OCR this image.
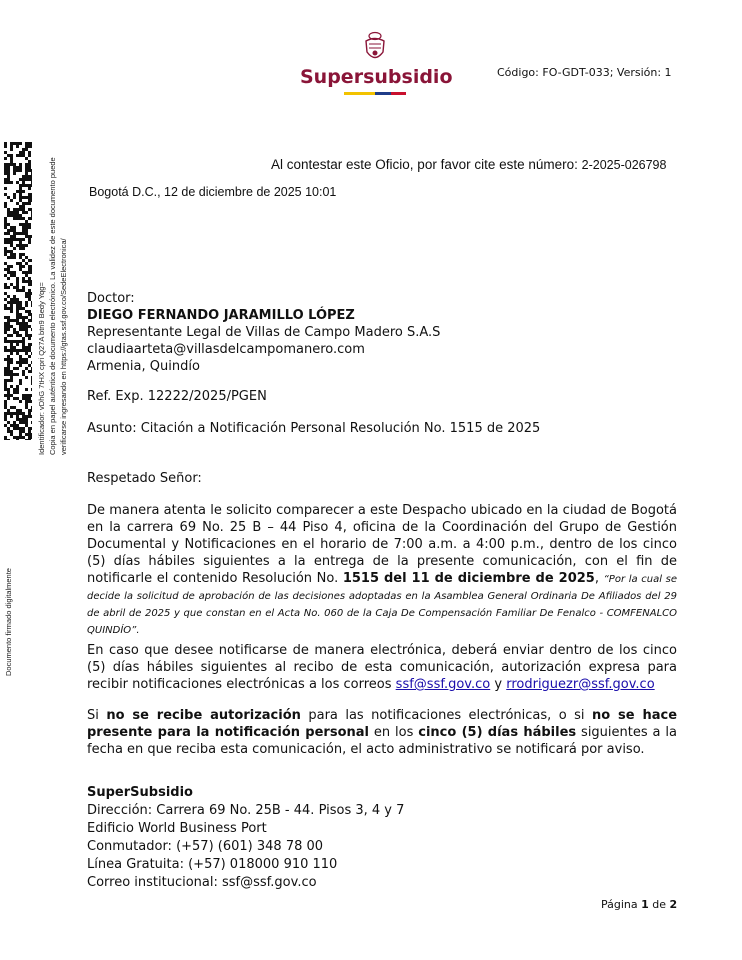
Supersubsidio	Código: FO-GDT-033; Versión: 1
Al contestar este Oficio, por favor cite este número: 2-2025-026798
Bogotá D.C., 12 de diciembre de 2025 10:01
Identificador: vDhG 7tHX cpri Q27A btn9 Bedy Yqg= Copia en papel auténtica de documento electrónico. La validez de este documento puede verificarse ingresando en https://gtas.ssf.gov.co/SedeElectronica/
Documento firmado digitalmente

Doctor:
DIEGO FERNANDO JARAMILLO LÓPEZ
Representante Legal de Villas de Campo Madero S.A.S
claudiaarteta@villasdelcampomanero.com
Armenia, Quindío

Ref. Exp. 12222/2025/PGEN

Asunto: Citación a Notificación Personal Resolución No. 1515 de 2025

Respetado Señor:

De manera atenta le solicito comparecer a este Despacho ubicado en la ciudad de Bogotá en la carrera 69 No. 25 B – 44 Piso 4, oficina de la Coordinación del Grupo de Gestión Documental y Notificaciones en el horario de 7:00 a.m. a 4:00 p.m., dentro de los cinco (5) días hábiles siguientes a la entrega de la presente comunicación, con el fin de notificarle el contenido Resolución No. 1515 del 11 de diciembre de 2025, “Por la cual se decide la solicitud de aprobación de las decisiones adoptadas en la Asamblea General Ordinaria De Afiliados del 29 de abril de 2025 y que constan en el Acta No. 060 de la Caja De Compensación Familiar De Fenalco - COMFENALCO QUINDÍO”.

En caso que desee notificarse de manera electrónica, deberá enviar dentro de los cinco (5) días hábiles siguientes al recibo de esta comunicación, autorización expresa para recibir notificaciones electrónicas a los correos ssf@ssf.gov.co y rrodriguezr@ssf.gov.co

Si no se recibe autorización para las notificaciones electrónicas, o si no se hace presente para la notificación personal en los cinco (5) días hábiles siguientes a la fecha en que reciba esta comunicación, el acto administrativo se notificará por aviso.

SuperSubsidio
Dirección: Carrera 69 No. 25B - 44. Pisos 3, 4 y 7
Edificio World Business Port
Conmutador: (+57) (601) 348 78 00
Línea Gratuita: (+57) 018000 910 110
Correo institucional: ssf@ssf.gov.co

Página 1 de 2
